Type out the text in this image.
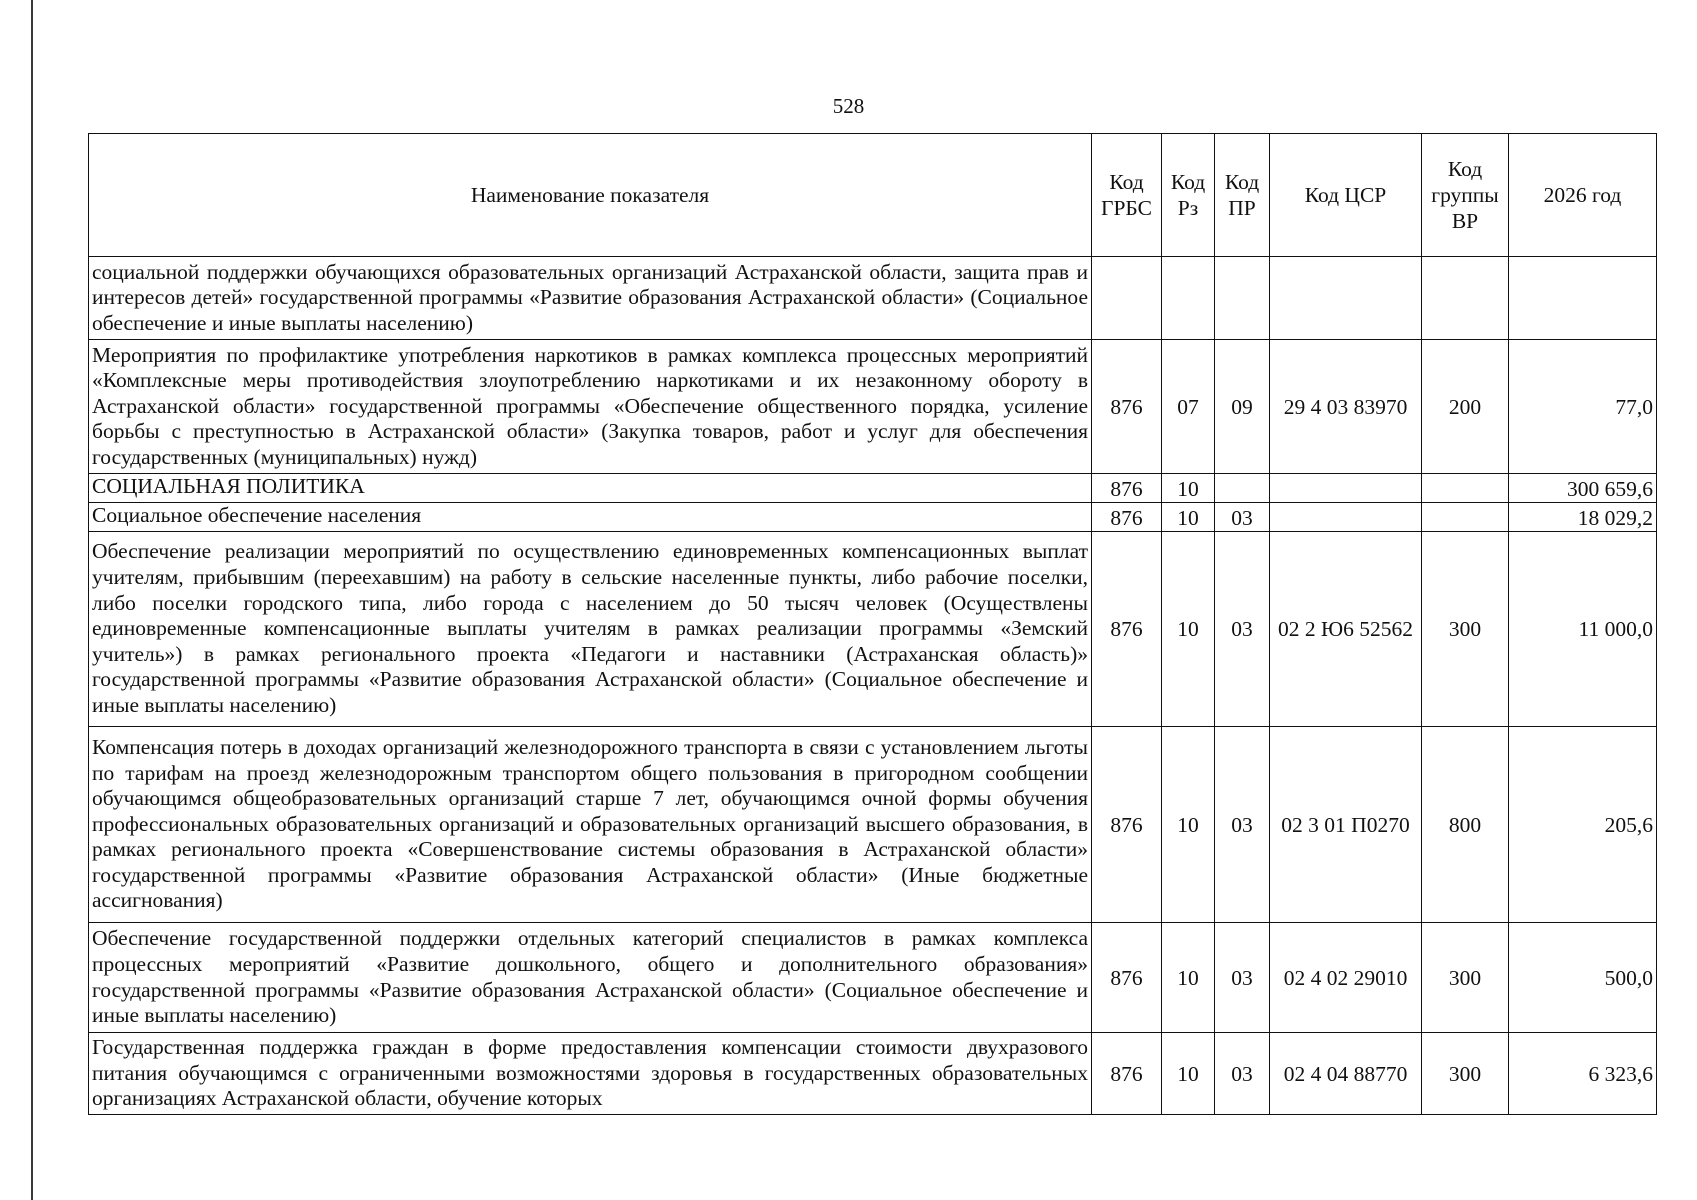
528
Наименование показателя	Код ГРБС	Код Рз	Код ПР	Код ЦСР	Код группы ВР	2026 год
социальной поддержки обучающихся образовательных организаций Астраханской области, защита прав и интересов детей» государственной программы «Развитие образования Астраханской области» (Социальное обеспечение и иные выплаты населению)						
Мероприятия по профилактике употребления наркотиков в рамках комплекса процессных мероприятий «Комплексные меры противодействия злоупотреблению наркотиками и их незаконному обороту в Астраханской области» государственной программы «Обеспечение общественного порядка, усиление борьбы с преступностью в Астраханской области» (Закупка товаров, работ и услуг для обеспечения государственных (муниципальных) нужд)	876	07	09	29 4 03 83970	200	77,0
СОЦИАЛЬНАЯ ПОЛИТИКА	876	10				300 659,6
Социальное обеспечение населения	876	10	03			18 029,2
Обеспечение реализации мероприятий по осуществлению единовременных компенсационных выплат учителям, прибывшим (переехавшим) на работу в сельские населенные пункты, либо рабочие поселки, либо поселки городского типа, либо города с населением до 50 тысяч человек (Осуществлены единовременные компенсационные выплаты учителям в рамках реализации программы «Земский учитель») в рамках регионального проекта «Педагоги и наставники (Астраханская область)» государственной программы «Развитие образования Астраханской области» (Социальное обеспечение и иные выплаты населению)	876	10	03	02 2 Ю6 52562	300	11 000,0
Компенсация потерь в доходах организаций железнодорожного транспорта в связи с установлением льготы по тарифам на проезд железнодорожным транспортом общего пользования в пригородном сообщении обучающимся общеобразовательных организаций старше 7 лет, обучающимся очной формы обучения профессиональных образовательных организаций и образовательных организаций высшего образования, в рамках регионального проекта «Совершенствование системы образования в Астраханской области» государственной программы «Развитие образования Астраханской области» (Иные бюджетные ассигнования)	876	10	03	02 3 01 П0270	800	205,6
Обеспечение государственной поддержки отдельных категорий специалистов в рамках комплекса процессных мероприятий «Развитие дошкольного, общего и дополнительного образования» государственной программы «Развитие образования Астраханской области» (Социальное обеспечение и иные выплаты населению)	876	10	03	02 4 02 29010	300	500,0
Государственная поддержка граждан в форме предоставления компенсации стоимости двухразового питания обучающимся с ограниченными возможностями здоровья в государственных образовательных организациях Астраханской области, обучение которых	876	10	03	02 4 04 88770	300	6 323,6
